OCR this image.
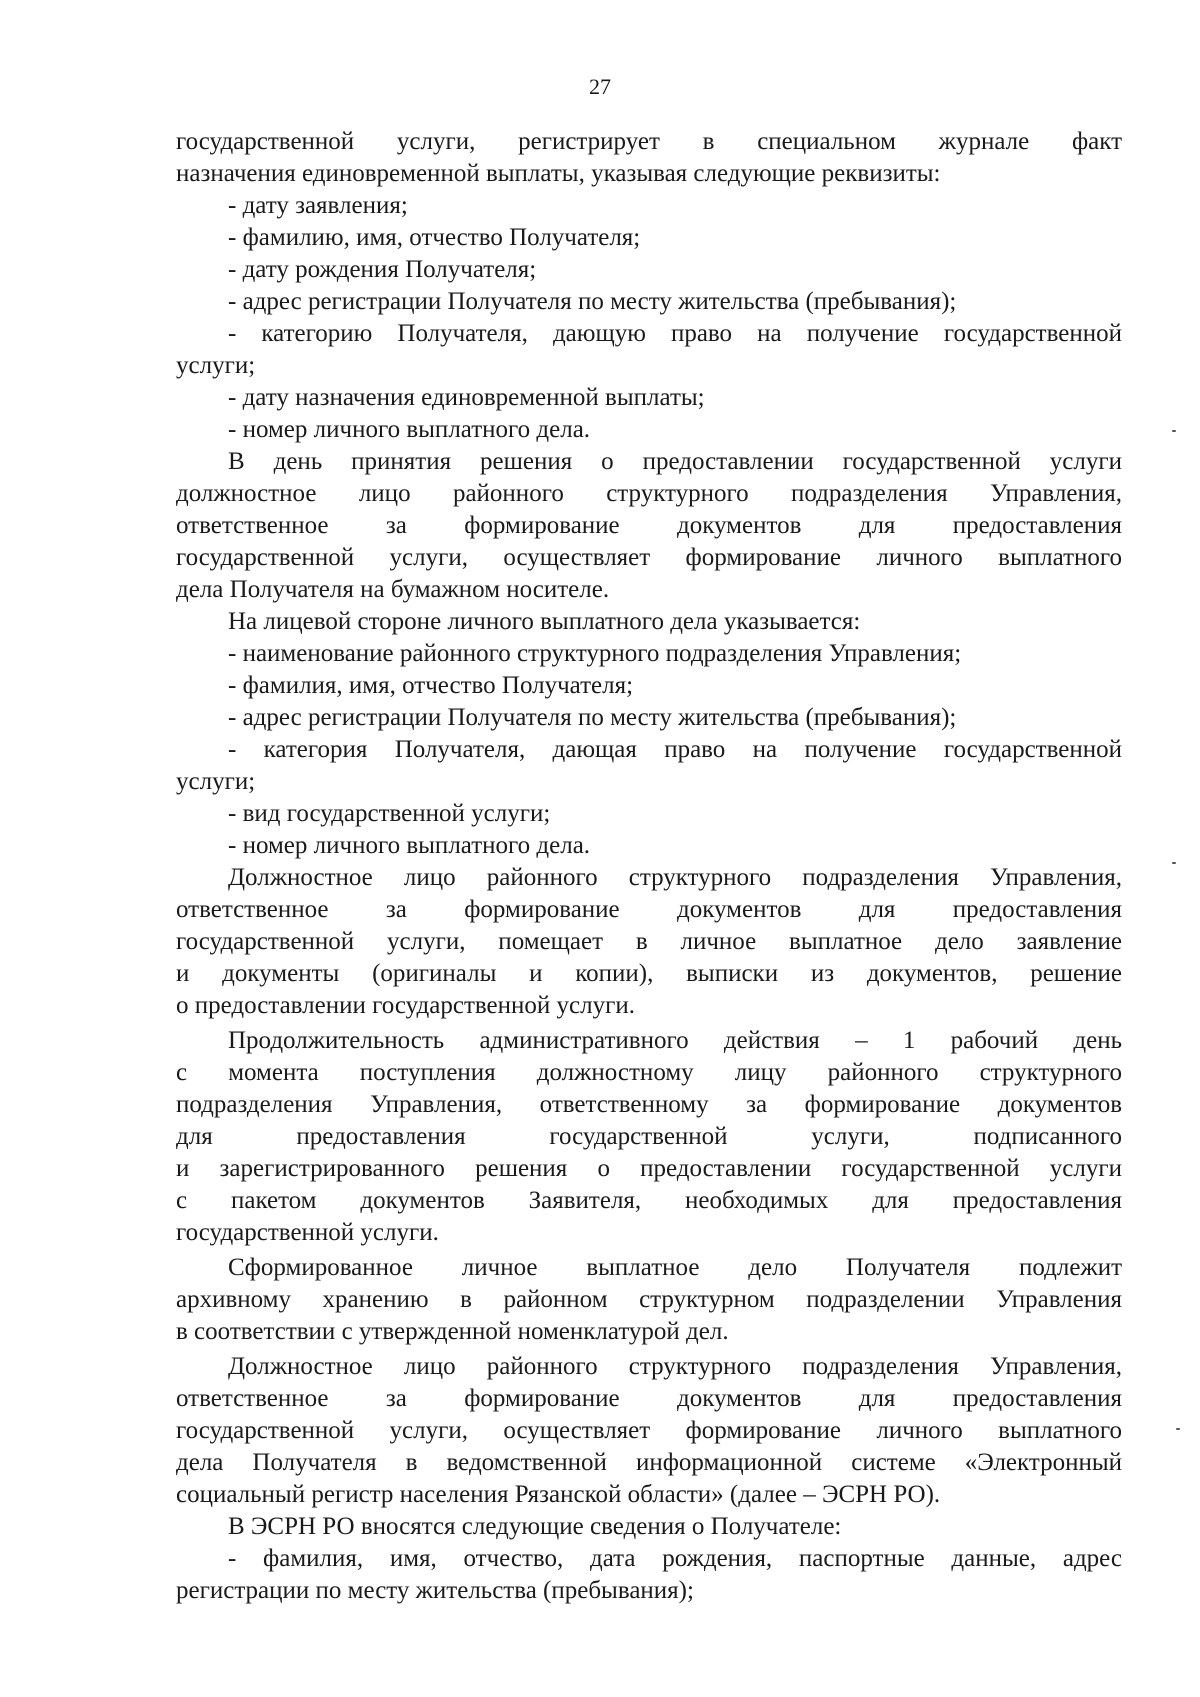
27
государственной услуги, регистрирует в специальном журнале факт
назначения единовременной выплаты, указывая следующие реквизиты:
- дату заявления;
- фамилию, имя, отчество Получателя;
- дату рождения Получателя;
- адрес регистрации Получателя по месту жительства (пребывания);
- категорию Получателя, дающую право на получение государственной
услуги;
- дату назначения единовременной выплаты;
- номер личного выплатного дела.
В день принятия решения о предоставлении государственной услуги
должностное лицо районного структурного подразделения Управления,
ответственное за формирование документов для предоставления
государственной услуги, осуществляет формирование личного выплатного
дела Получателя на бумажном носителе.
На лицевой стороне личного выплатного дела указывается:
- наименование районного структурного подразделения Управления;
- фамилия, имя, отчество Получателя;
- адрес регистрации Получателя по месту жительства (пребывания);
- категория Получателя, дающая право на получение государственной
услуги;
- вид государственной услуги;
- номер личного выплатного дела.
Должностное лицо районного структурного подразделения Управления,
ответственное за формирование документов для предоставления
государственной услуги, помещает в личное выплатное дело заявление
и документы (оригиналы и копии), выписки из документов, решение
о предоставлении государственной услуги.
Продолжительность административного действия – 1 рабочий день
с момента поступления должностному лицу районного структурного
подразделения Управления, ответственному за формирование документов
для предоставления государственной услуги, подписанного
и зарегистрированного решения о предоставлении государственной услуги
с пакетом документов Заявителя, необходимых для предоставления
государственной услуги.
Сформированное личное выплатное дело Получателя подлежит
архивному хранению в районном структурном подразделении Управления
в соответствии с утвержденной номенклатурой дел.
Должностное лицо районного структурного подразделения Управления,
ответственное за формирование документов для предоставления
государственной услуги, осуществляет формирование личного выплатного
дела Получателя в ведомственной информационной системе «Электронный
социальный регистр населения Рязанской области» (далее – ЭСРН РО).
В ЭСРН РО вносятся следующие сведения о Получателе:
- фамилия, имя, отчество, дата рождения, паспортные данные, адрес
регистрации по месту жительства (пребывания);
